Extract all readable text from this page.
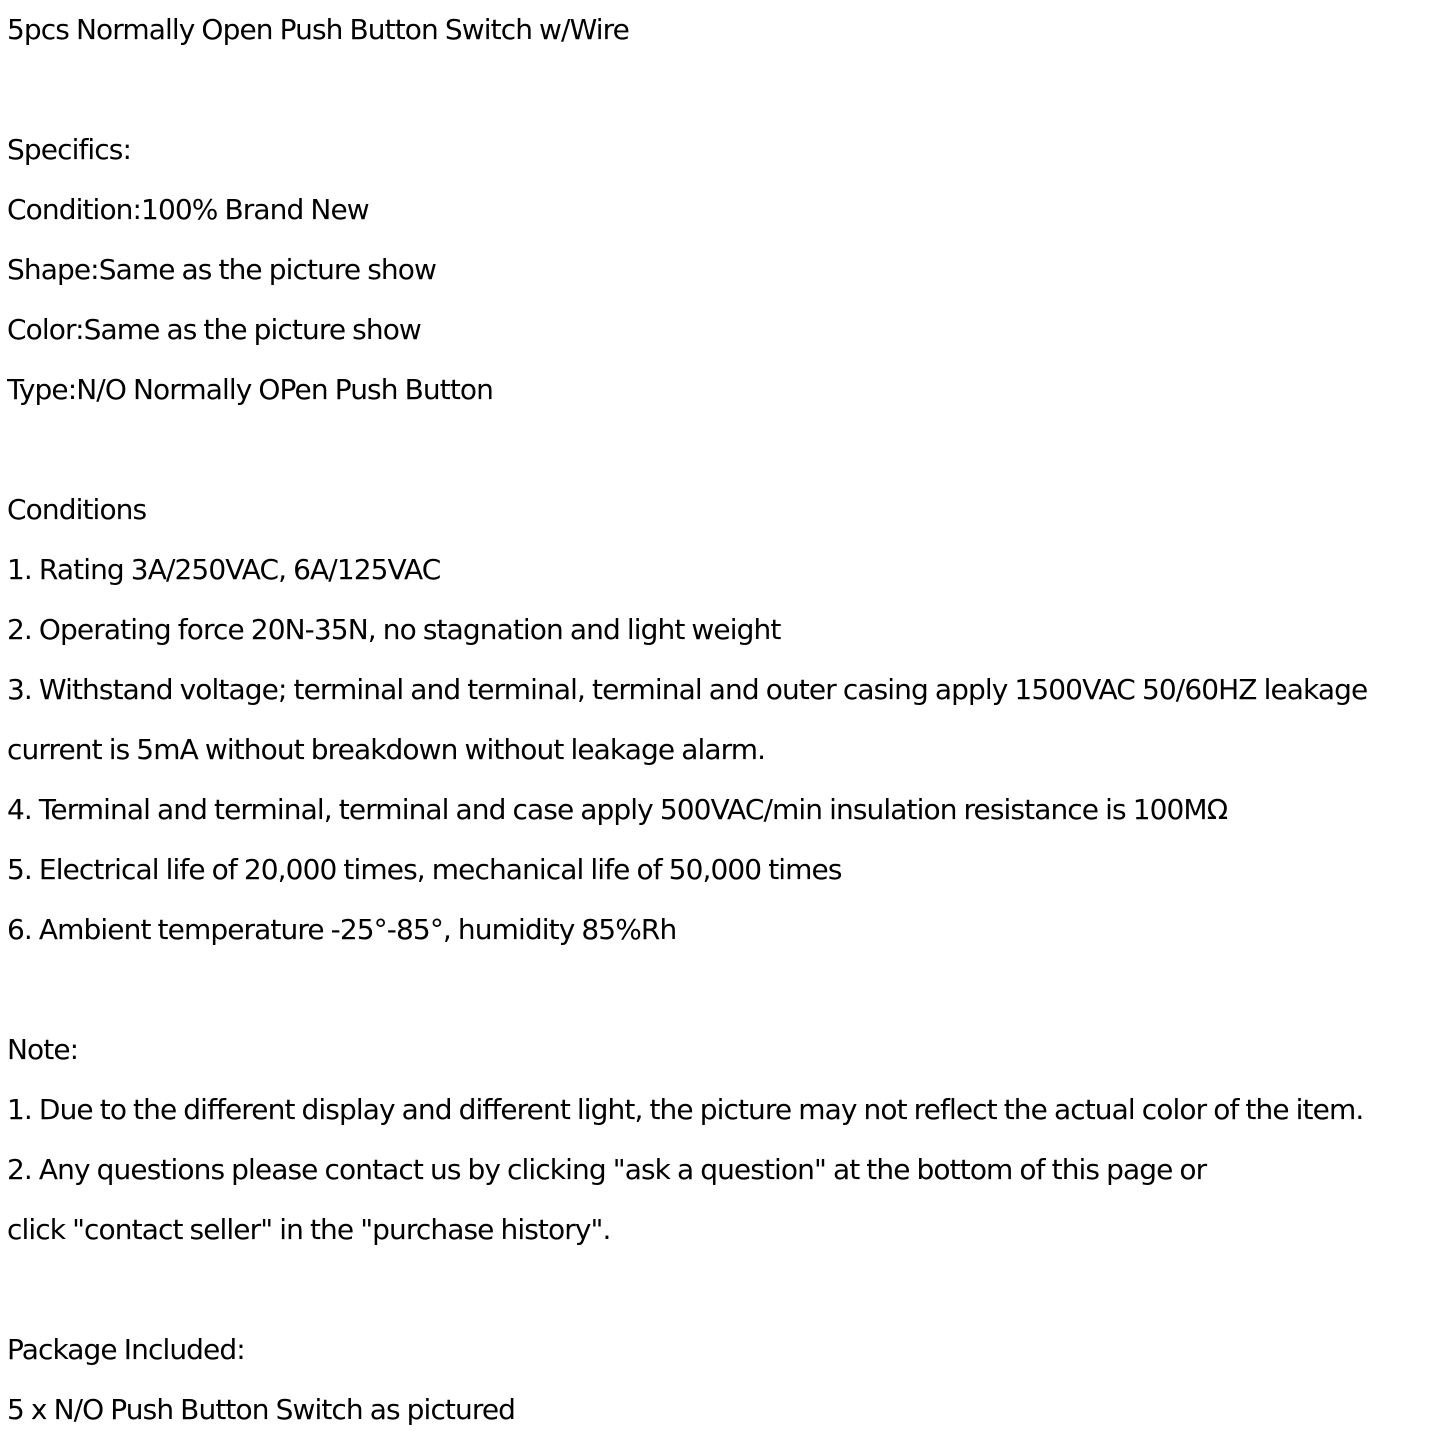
5pcs Normally Open Push Button Switch w/Wire
Specifics:
Condition:100% Brand New
Shape:Same as the picture show
Color:Same as the picture show
Type:N/O Normally OPen Push Button
Conditions
1. Rating 3A/250VAC, 6A/125VAC
2. Operating force 20N-35N, no stagnation and light weight
3. Withstand voltage; terminal and terminal, terminal and outer casing apply 1500VAC 50/60HZ leakage
current is 5mA without breakdown without leakage alarm.
4. Terminal and terminal, terminal and case apply 500VAC/min insulation resistance is 100MΩ
5. Electrical life of 20,000 times, mechanical life of 50,000 times
6. Ambient temperature -25°-85°, humidity 85%Rh
Note:
1. Due to the different display and different light, the picture may not reflect the actual color of the item.
2. Any questions please contact us by clicking "ask a question" at the bottom of this page or
click "contact seller" in the "purchase history".
Package Included:
5 x N/O Push Button Switch as pictured
